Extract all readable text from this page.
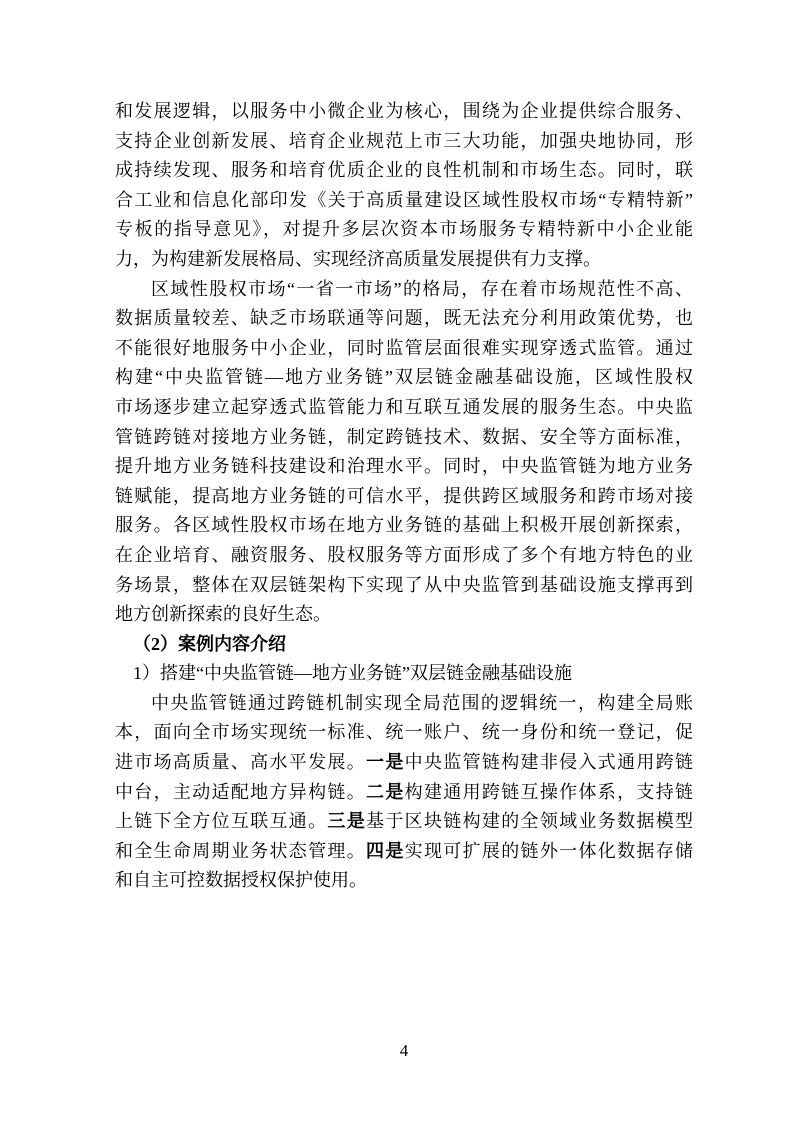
和发展逻辑，以服务中小微企业为核心，围绕为企业提供综合服务、
支持企业创新发展、培育企业规范上市三大功能，加强央地协同，形
成持续发现、服务和培育优质企业的良性机制和市场生态。同时，联
合工业和信息化部印发《关于高质量建设区域性股权市场“专精特新”
专板的指导意见》，对提升多层次资本市场服务专精特新中小企业能
力，为构建新发展格局、实现经济高质量发展提供有力支撑。
区域性股权市场“一省一市场”的格局，存在着市场规范性不高、
数据质量较差、缺乏市场联通等问题，既无法充分利用政策优势，也
不能很好地服务中小企业，同时监管层面很难实现穿透式监管。通过
构建“中央监管链—地方业务链”双层链金融基础设施，区域性股权
市场逐步建立起穿透式监管能力和互联互通发展的服务生态。中央监
管链跨链对接地方业务链，制定跨链技术、数据、安全等方面标准，
提升地方业务链科技建设和治理水平。同时，中央监管链为地方业务
链赋能，提高地方业务链的可信水平，提供跨区域服务和跨市场对接
服务。各区域性股权市场在地方业务链的基础上积极开展创新探索，
在企业培育、融资服务、股权服务等方面形成了多个有地方特色的业
务场景，整体在双层链架构下实现了从中央监管到基础设施支撑再到
地方创新探索的良好生态。
（2）案例内容介绍
1）搭建“中央监管链—地方业务链”双层链金融基础设施
中央监管链通过跨链机制实现全局范围的逻辑统一，构建全局账
本，面向全市场实现统一标准、统一账户、统一身份和统一登记，促
进市场高质量、高水平发展。一是中央监管链构建非侵入式通用跨链
中台，主动适配地方异构链。二是构建通用跨链互操作体系，支持链
上链下全方位互联互通。三是基于区块链构建的全领域业务数据模型
和全生命周期业务状态管理。四是实现可扩展的链外一体化数据存储
和自主可控数据授权保护使用。
4
